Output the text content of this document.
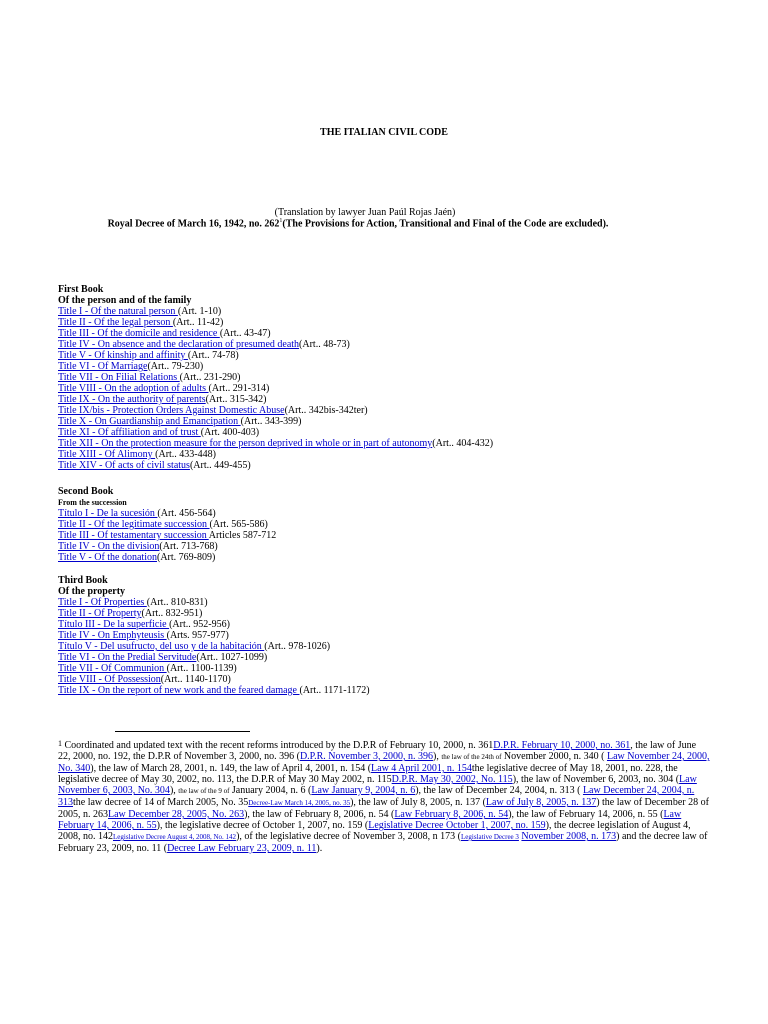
THE ITALIAN CIVIL CODE

(Translation by lawyer Juan Paúl Rojas Jaén)

Royal Decree of March 16, 1942, no. $262^1(The$ Provisions for Action, Transitional and Final of the Code are excluded).

First Book
Of the person and of the family
Title I - Of the natural person (Art. 1-10)
Title II - Of the legal person (Art.. 11-42)
Title III - Of the domicile and residence (Art.. 43-47)
Title IV - On absence and the declaration of presumed death(Art.. 48-73)
Title V - Of kinship and affinity (Art.. 74-78)
Title VI - Of Marriage(Art.. 79-230)
Title VII - On Filial Relations (Art.. 231-290)
Title VIII - On the adoption of adults (Art.. 291-314)
Title IX - On the authority of parents(Art.. 315-342)
Title IX/bis - Protection Orders Against Domestic Abuse(Art.. 342bis-342ter)
Title X - On Guardianship and Emancipation (Art.. 343-399)
Title XI - Of affiliation and of trust (Art. 400-403)
Title XII - On the protection measure for the person deprived in whole or in part of autonomy(Art.. 404-432)
Title XIII - Of Alimony (Art.. 433-448)
Title XIV - Of acts of civil status(Art.. 449-455)
Second Book
From the succession
Título I - De la sucesión (Art. 456-564)
Title II - Of the legitimate succession (Art. 565-586)
Title III - Of testamentary succession Articles 587-712
Title IV - On the division(Art. 713-768)
Title V - Of the donation(Art. 769-809)
Third Book
Of the property
Title I - Of Properties (Art.. 810-831)
Title II - Of Property(Art.. 832-951)
Título III - De la superficie (Art.. 952-956)
Title IV - On Emphyteusis (Arts. 957-977)
Título V - Del usufructo, del uso y de la habitación (Art.. 978-1026)
Title VI - On the Predial Servitude(Art.. 1027-1099)
Title VII - Of Communion (Art.. 1100-1139)
Title VIII - Of Possession(Art.. 1140-1170)
Title IX - On the report of new work and the feared damage (Art.. 1171-1172)

$^1$ Coordinated and updated text with the recent reforms introduced by the D.P.R of February 10, 2000, n. 361D.P.R. February 10, 2000, no. 361, the law of June 22, 2000, no. 192, the D.P.R of November 3, 2000, no. 396 (D.P.R. November 3, 2000, n. 396), the law of the 24th of November 2000, n. 340 ( Law November 24, 2000, No. 340), the law of March 28, 2001, n. 149, the law of April 4, 2001, n. 154 (Law 4 April 2001, n. 154the legislative decree of May 18, 2001, no. 228, the legislative decree of May 30, 2002, no. 113, the D.P.R of May 30 May 2002, n. 115D.P.R. May 30, 2002, No. 115), the law of November 6, 2003, no. 304 (Law November 6, 2003, No. 304), the law of the 9 of January 2004, n. 6 (Law January 9, 2004, n. 6), the law of December 24, 2004, n. 313 ( Law December 24, 2004, n. 313the law decree of 14 of March 2005, No. 35Decree-Law March 14, 2005, no. 35), the law of July 8, 2005, n. 137 (Law of July 8, 2005, n. 137) the law of December 28 of 2005, n. 263Law December 28, 2005, No. 263), the law of February 8, 2006, n. 54 (Law February 8, 2006, n. 54), the law of February 14, 2006, n. 55 (Law February 14, 2006, n. 55), the legislative decree of October 1, 2007, no. 159 (Legislative Decree October 1, 2007, no. 159), the decree legislation of August 4, 2008, no. 142Legislative Decree August 4, 2008, No. 142), of the legislative decree of November 3, 2008, n 173 (Legislative Decree 3 November 2008, n. 173) and the decree law of February 23, 2009, no. 11 (Decree Law February 23, 2009, n. 11).
